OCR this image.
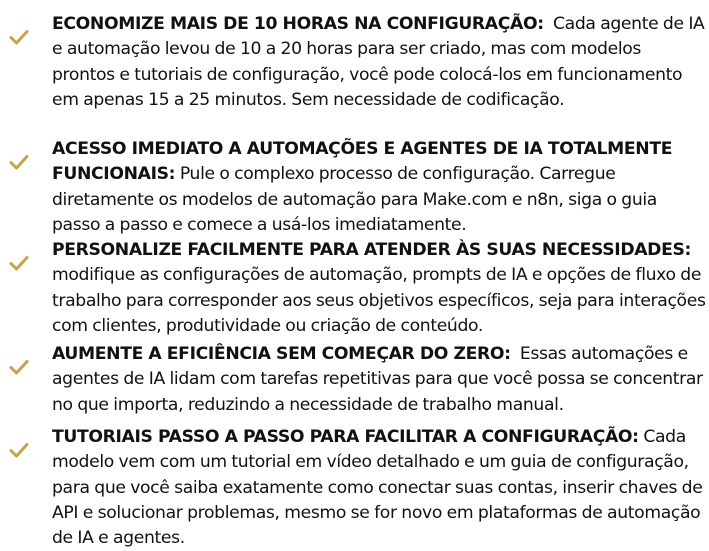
ECONOMIZE MAIS DE 10 HORAS NA CONFIGURAÇÃO: Cada agente de IA e automação levou de 10 a 20 horas para ser criado, mas com modelos prontos e tutoriais de configuração, você pode colocá-los em funcionamento em apenas 15 a 25 minutos. Sem necessidade de codificação.

ACESSO IMEDIATO A AUTOMAÇÕES E AGENTES DE IA TOTALMENTE FUNCIONAIS: Pule o complexo processo de configuração. Carregue diretamente os modelos de automação para Make.com e n8n, siga o guia passo a passo e comece a usá-los imediatamente.

PERSONALIZE FACILMENTE PARA ATENDER ÀS SUAS NECESSIDADES: modifique as configurações de automação, prompts de IA e opções de fluxo de trabalho para corresponder aos seus objetivos específicos, seja para interações com clientes, produtividade ou criação de conteúdo.

AUMENTE A EFICIÊNCIA SEM COMEÇAR DO ZERO: Essas automações e agentes de IA lidam com tarefas repetitivas para que você possa se concentrar no que importa, reduzindo a necessidade de trabalho manual.

TUTORIAIS PASSO A PASSO PARA FACILITAR A CONFIGURAÇÃO: Cada modelo vem com um tutorial em vídeo detalhado e um guia de configuração, para que você saiba exatamente como conectar suas contas, inserir chaves de API e solucionar problemas, mesmo se for novo em plataformas de automação de IA e agentes.
